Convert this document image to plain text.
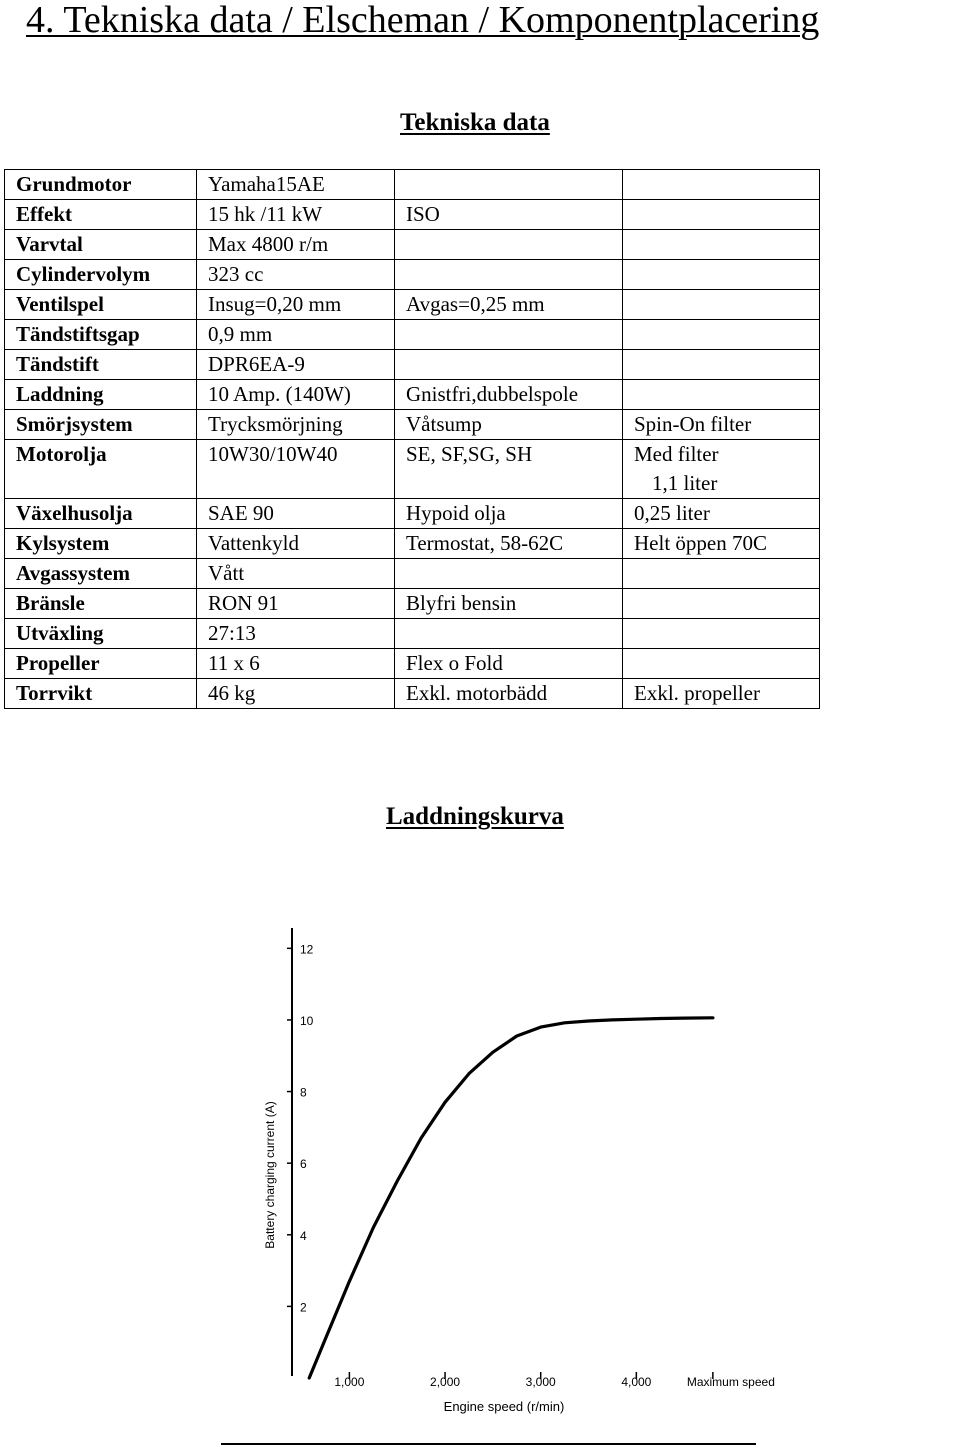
4. Tekniska data / Elscheman / Komponentplacering
Tekniska data
Grundmotor	Yamaha15AE		
Effekt	15 hk /11 kW	ISO	
Varvtal	Max 4800 r/m		
Cylindervolym	323 cc		
Ventilspel	Insug=0,20 mm	Avgas=0,25 mm	
Tändstiftsgap	0,9 mm		
Tändstift	DPR6EA-9		
Laddning	10 Amp. (140W)	Gnistfri,dubbelspole	
Smörjsystem	Trycksmörjning	Våtsump	Spin-On filter
Motorolja	10W30/10W40	SE, SF,SG, SH	Med filter
1,1 liter

Växelhusolja	SAE 90	Hypoid olja	0,25 liter
Kylsystem	Vattenkyld	Termostat, 58-62C	Helt öppen 70C
Avgassystem	Vått		
Bränsle	RON 91	Blyfri bensin	
Utväxling	27:13		
Propeller	11 x 6	Flex o Fold	
Torrvikt	46 kg	Exkl. motorbädd	Exkl. propeller
Laddningskurva
2
4
6
8
10
12
1,000	2,000	3,000	4,000	Maximum speed
Battery charging current (A)
Engine speed (r/min)
